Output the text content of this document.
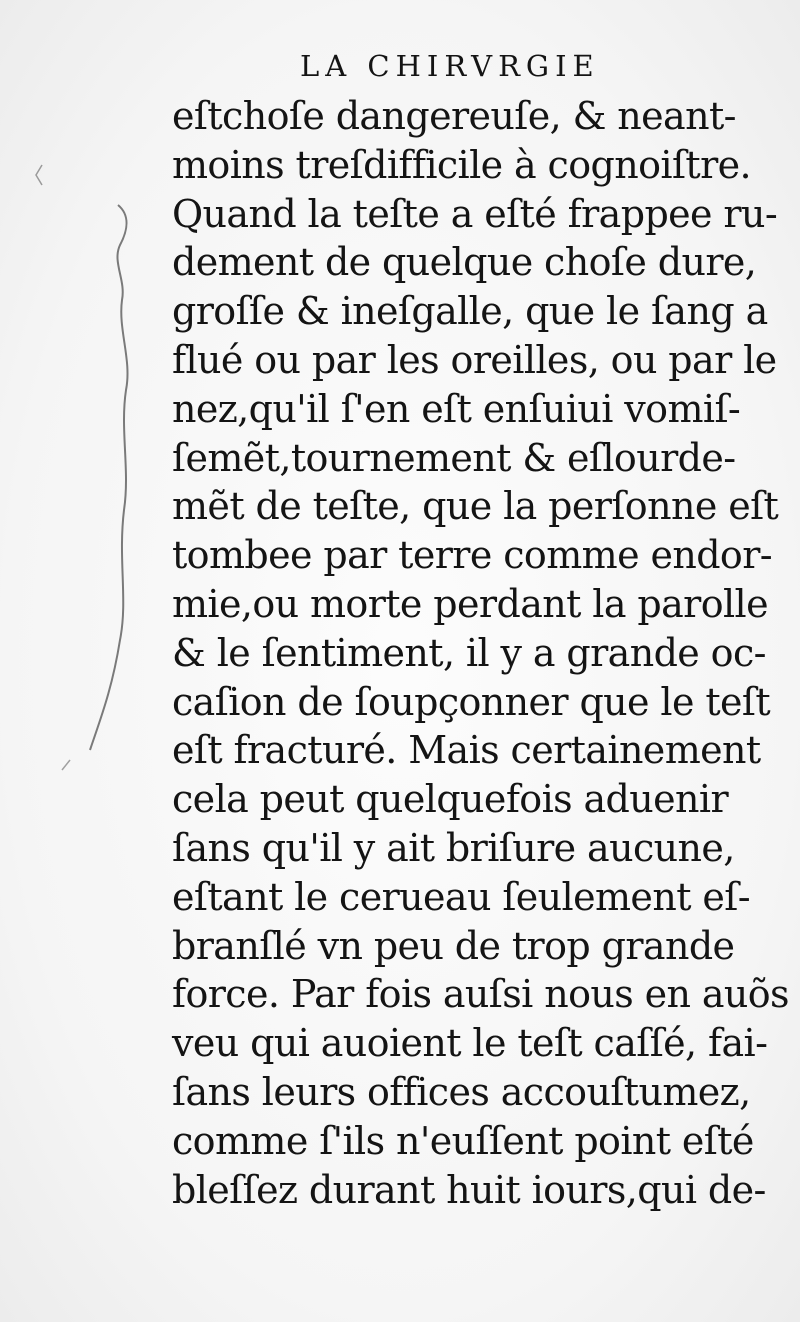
LA CHIRVRGIE
eſtchoſe dangereuſe, & neant-
moins treſdifficile à cognoiſtre.
Quand la teſte a eſté frappee ru-
dement de quelque choſe dure,
groſſe & ineſgalle, que le ſang a
flué ou par les oreilles, ou par le
nez,qu'il ſ'en eſt enſuiui vomiſ-
ſemẽt,tournement & eſlourde-
mẽt de teſte, que la perſonne eſt
tombee par terre comme endor-
mie,ou morte perdant la parolle
& le ſentiment, il y a grande oc-
caſion de ſoupçonner que le teſt
eſt fracturé. Mais certainement
cela peut quelquefois aduenir
ſans qu'il y ait briſure aucune,
eſtant le cerueau ſeulement eſ-
branſlé vn peu de trop grande
force. Par fois auſsi nous en auõs
veu qui auoient le teſt caſſé, fai-
ſans leurs offices accouſtumez,
comme ſ'ils n'euſſent point eſté
bleſſez durant huit iours,qui de-
